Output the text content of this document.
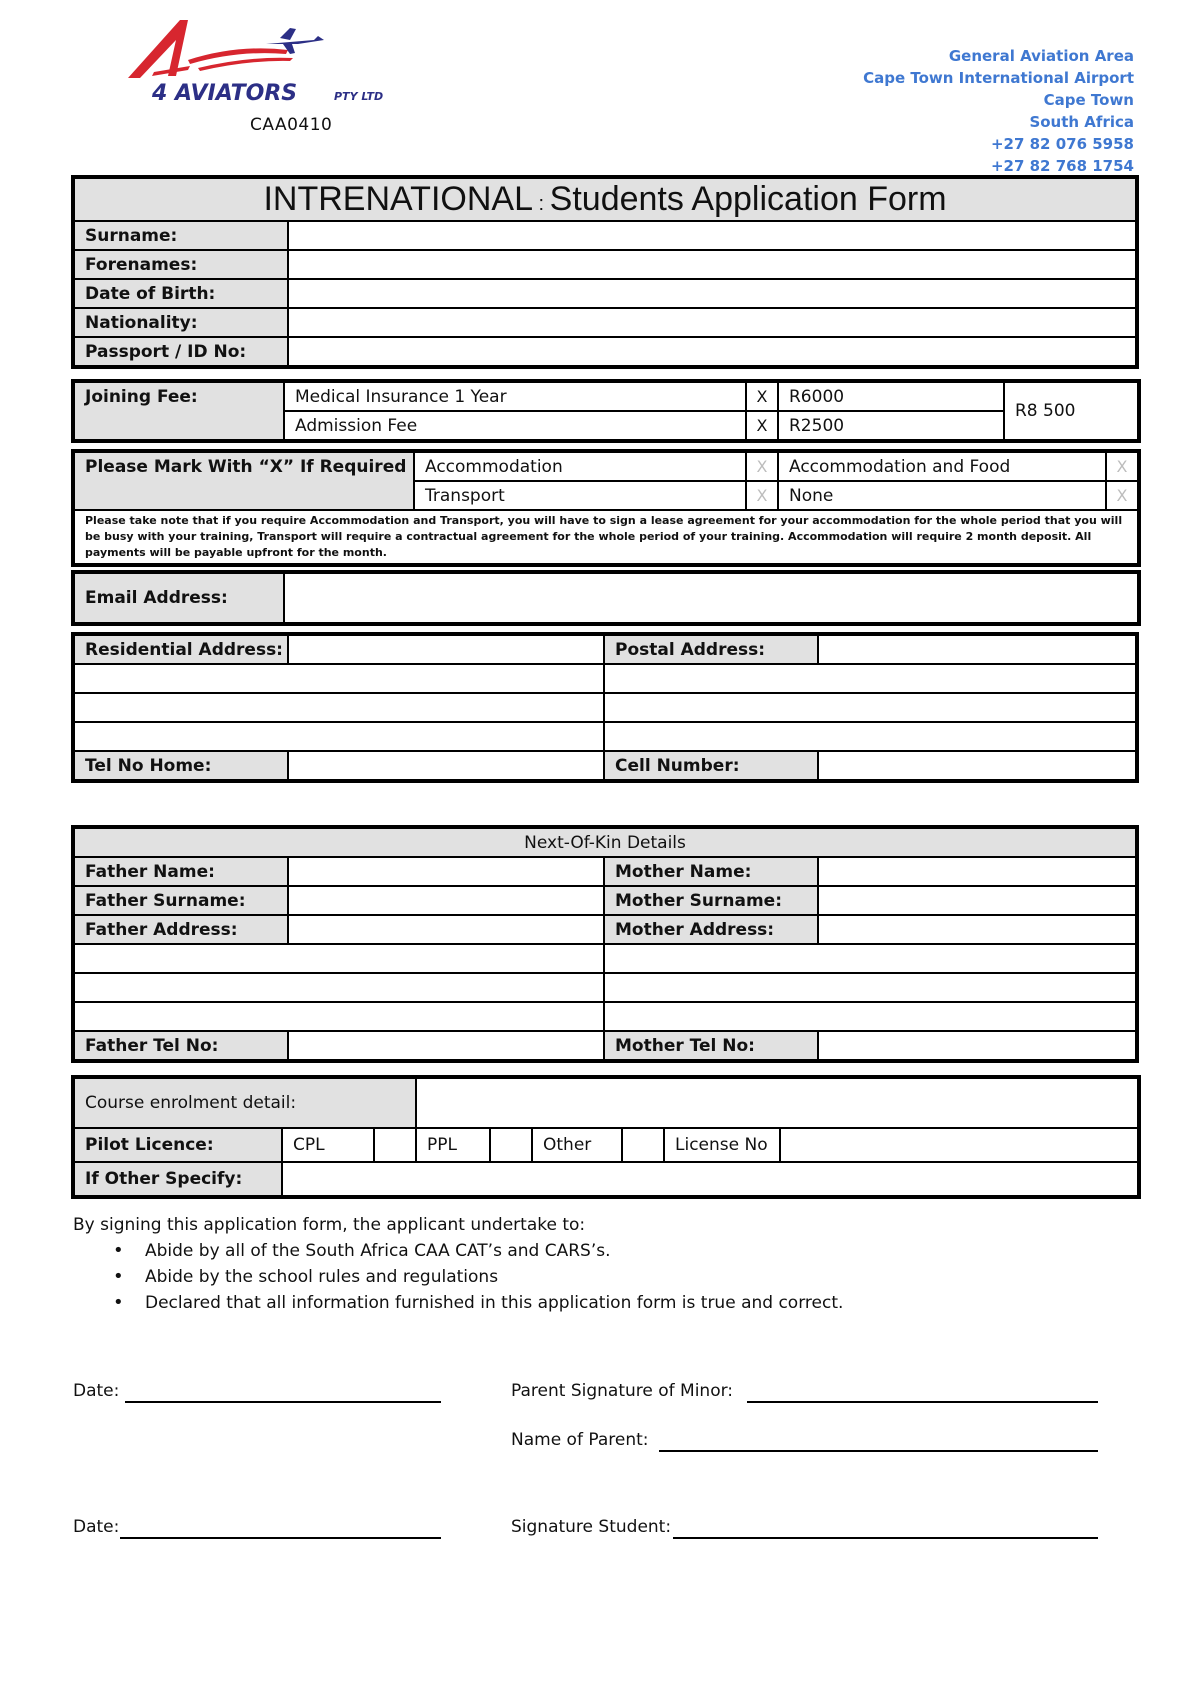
4 AVIATORS	PTY LTD
CAA0410
General Aviation Area
Cape Town International Airport
Cape Town
South Africa
+27 82 076 5958
+27 82 768 1754
INTRENATIONAL : Students Application Form	
Surname:	
Forenames:	
Date of Birth:	
Nationality:	
Passport / ID No:	
Joining Fee:	Medical Insurance 1 Year	X	R6000	R8 500
	Admission Fee	X	R2500	
Please Mark With “X” If Required	Accommodation	X	Accommodation and Food	X
	Transport	X	None	X
Please take note that if you require Accommodation and Transport, you will have to sign a lease agreement for your accommodation for the whole period that you will be busy with your training, Transport will require a contractual agreement for the whole period of your training. Accommodation will require 2 month deposit. All payments will be payable upfront for the month.				
Email Address:	
Residential Address:		Postal Address:	

Tel No Home:		Cell Number:	
Next-Of-Kin Details			
Father Name:		Mother Name:	
Father Surname:		Mother Surname:	
Father Address:		Mother Address:	

Father Tel No:		Mother Tel No:	
Course enrolment detail:								
Pilot Licence:	CPL		PPL		Other		License No	
If Other Specify:								
By signing this application form, the applicant undertake to:
• Abide by all of the South Africa CAA CAT’s and CARS’s.
• Abide by the school rules and regulations
• Declared that all information furnished in this application form is true and correct.
Date:	Parent Signature of Minor:
Name of Parent:
Date:	Signature Student:
